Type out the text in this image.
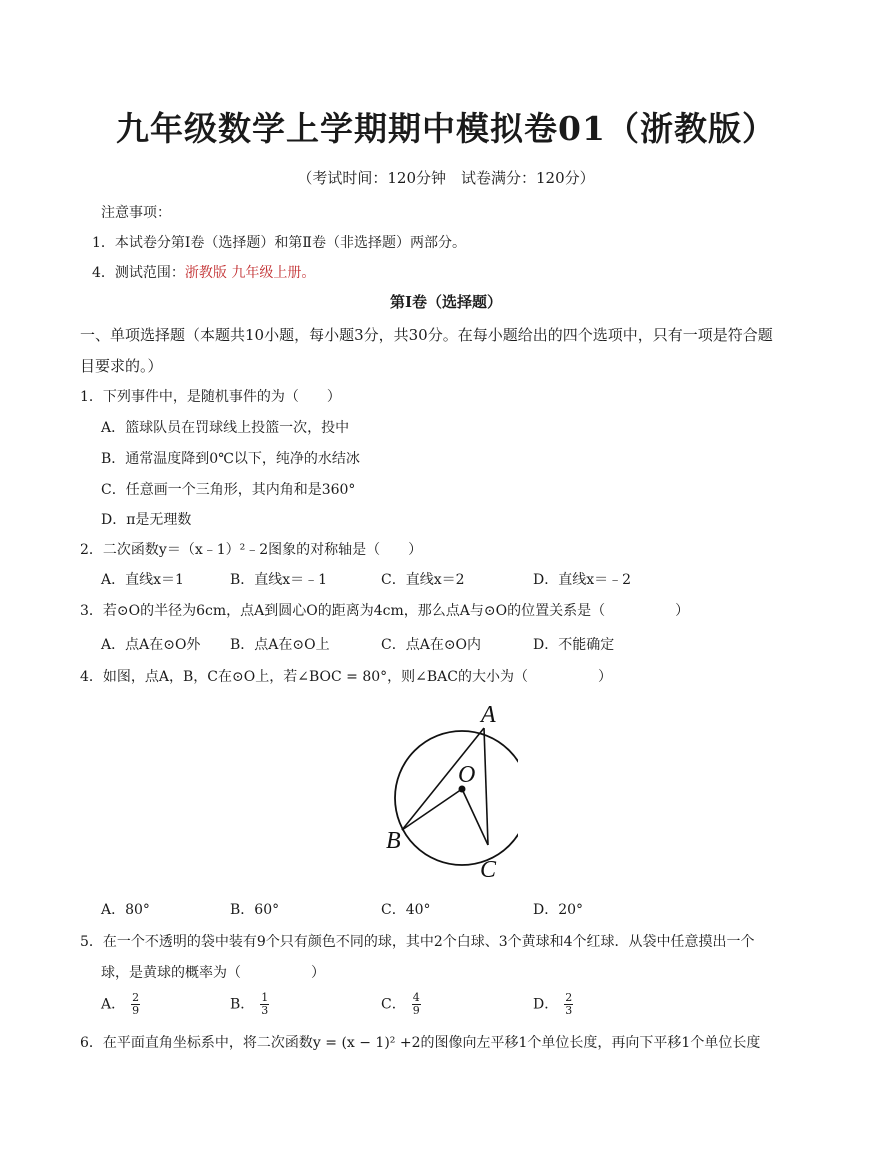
九年级数学上学期期中模拟卷01（浙教版）
（考试时间：120分钟　试卷满分：120分）
注意事项：
1．本试卷分第Ⅰ卷（选择题）和第Ⅱ卷（非选择题）两部分。
4．测试范围：浙教版 九年级上册。
第Ⅰ卷（选择题）
一、单项选择题（本题共10小题，每小题3分，共30分。在每小题给出的四个选项中，只有一项是符合题
目要求的。）
1．下列事件中，是随机事件的为（　　）
A．篮球队员在罚球线上投篮一次，投中
B．通常温度降到0℃以下，纯净的水结冰
C．任意画一个三角形，其内角和是360°
D．π是无理数
2．二次函数y＝（x﹣1）²﹣2图象的对称轴是（　　）
A．直线x＝1	B．直线x＝﹣1	C．直线x＝2	D．直线x＝﹣2
3．若⊙O的半径为6cm，点A到圆心O的距离为4cm，那么点A与⊙O的位置关系是（　　　　　）
A．点A在⊙O外 B．点A在⊙O上	C．点A在⊙O内	D．不能确定
4．如图，点A，B，C在⊙O上，若∠BOC = 80°，则∠BAC的大小为（　　　　　）
A
O
B
C
A．80°	B．60°	C．40°	D．20°
5．在一个不透明的袋中装有9个只有颜色不同的球，其中2个白球、3个黄球和4个红球．从袋中任意摸出一个
球，是黄球的概率为（　　　　　）
A． $\frac{2}{9}$	B． $\frac{1}{3}$	C． $\frac{4}{9}$	D． $\frac{2}{3}$
6．在平面直角坐标系中，将二次函数y = (x − 1)² +2的图像向左平移1个单位长度，再向下平移1个单位长度
